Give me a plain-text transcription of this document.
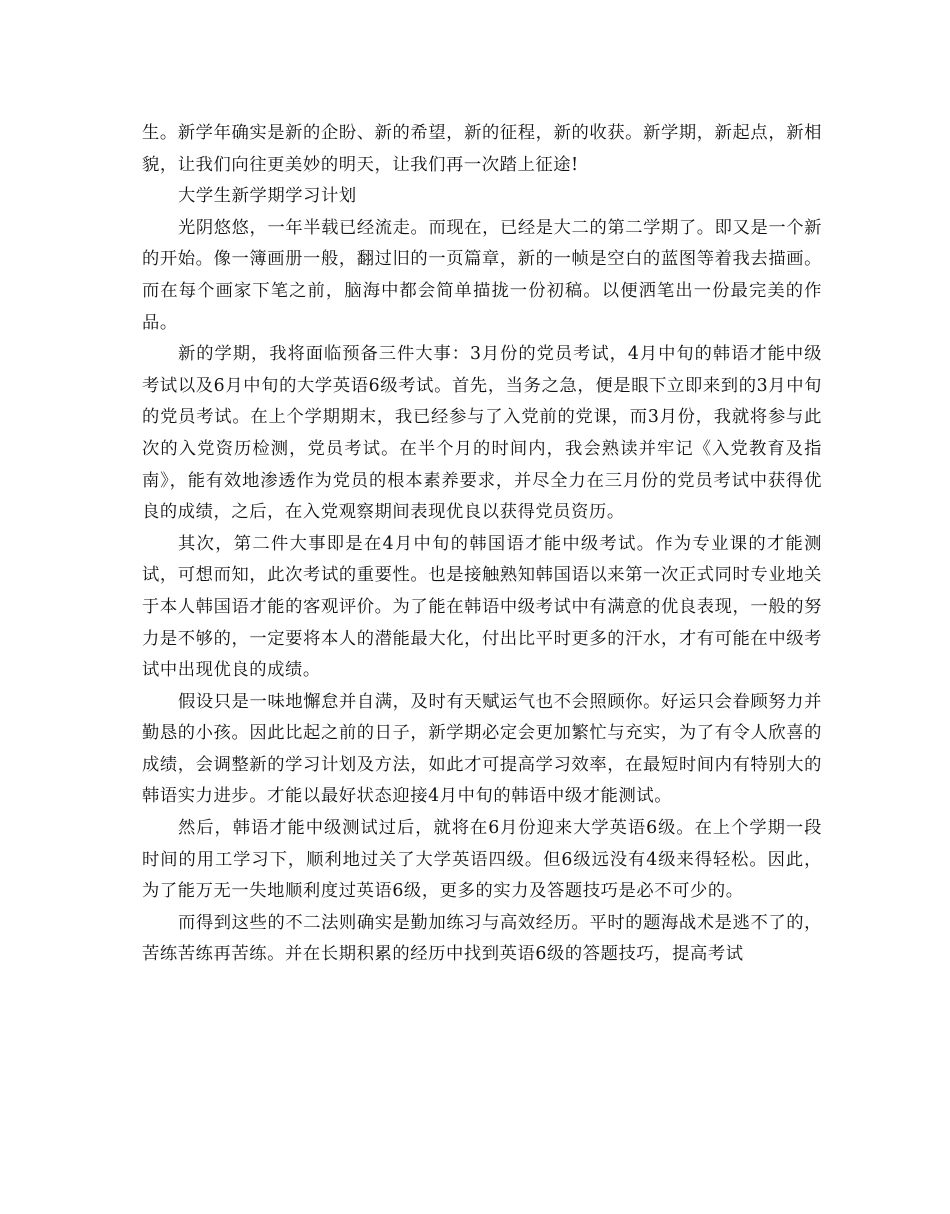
生。新学年确实是新的企盼、新的希望，新的征程，新的收获。新学期，新起点，新相貌，让我们向往更美妙的明天，让我们再一次踏上征途!

大学生新学期学习计划

光阴悠悠，一年半载已经流走。而现在，已经是大二的第二学期了。即又是一个新的开始。像一簿画册一般，翻过旧的一页篇章，新的一帧是空白的蓝图等着我去描画。而在每个画家下笔之前，脑海中都会简单描拢一份初稿。以便洒笔出一份最完美的作品。

新的学期，我将面临预备三件大事：3月份的党员考试，4月中旬的韩语才能中级考试以及6月中旬的大学英语6级考试。首先，当务之急，便是眼下立即来到的3月中旬的党员考试。在上个学期期末，我已经参与了入党前的党课，而3月份，我就将参与此次的入党资历检测，党员考试。在半个月的时间内，我会熟读并牢记《入党教育及指南》，能有效地渗透作为党员的根本素养要求，并尽全力在三月份的党员考试中获得优良的成绩，之后，在入党观察期间表现优良以获得党员资历。

其次，第二件大事即是在4月中旬的韩国语才能中级考试。作为专业课的才能测试，可想而知，此次考试的重要性。也是接触熟知韩国语以来第一次正式同时专业地关于本人韩国语才能的客观评价。为了能在韩语中级考试中有满意的优良表现，一般的努力是不够的，一定要将本人的潜能最大化，付出比平时更多的汗水，才有可能在中级考试中出现优良的成绩。

假设只是一味地懈怠并自满，及时有天赋运气也不会照顾你。好运只会眷顾努力并勤恳的小孩。因此比起之前的日子，新学期必定会更加繁忙与充实，为了有令人欣喜的成绩，会调整新的学习计划及方法，如此才可提高学习效率，在最短时间内有特别大的韩语实力进步。才能以最好状态迎接4月中旬的韩语中级才能测试。

然后，韩语才能中级测试过后，就将在6月份迎来大学英语6级。在上个学期一段时间的用工学习下，顺利地过关了大学英语四级。但6级远没有4级来得轻松。因此，为了能万无一失地顺利度过英语6级，更多的实力及答题技巧是必不可少的。

而得到这些的不二法则确实是勤加练习与高效经历。平时的题海战术是逃不了的，苦练苦练再苦练。并在长期积累的经历中找到英语6级的答题技巧，提高考试
